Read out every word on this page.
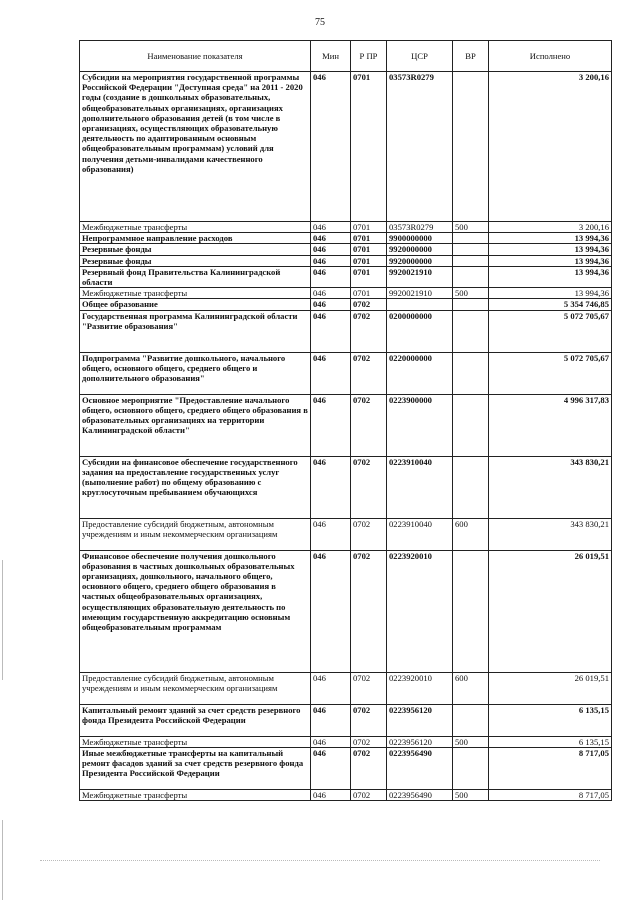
75
Наименование показателя	Мин	Р ПР	ЦСР	ВР	Исполнено
Субсидии на мероприятия государственной программы Российской Федерации "Доступная среда" на 2011 - 2020 годы (создание в дошкольных образовательных, общеобразовательных организациях, организациях дополнительного образования детей (в том числе в организациях, осуществляющих образовательную деятельность по адаптированным основным общеобразовательным программам) условий для получения детьми-инвалидами качественного образования)	046	0701	03573R0279		3 200,16
Межбюджетные трансферты	046	0701	03573R0279	500	3 200,16
Непрограммное направление расходов	046	0701	9900000000		13 994,36
Резервные фонды	046	0701	9920000000		13 994,36
Резервные фонды	046	0701	9920000000		13 994,36
Резервный фонд Правительства Калининградской области	046	0701	9920021910		13 994,36
Межбюджетные трансферты	046	0701	9920021910	500	13 994,36
Общее образование	046	0702			5 354 746,85
Государственная программа Калининградской области "Развитие образования"	046	0702	0200000000		5 072 705,67
Подпрограмма "Развитие дошкольного, начального общего, основного общего, среднего общего и дополнительного образования"	046	0702	0220000000		5 072 705,67
Основное мероприятие "Предоставление начального общего, основного общего, среднего общего образования в образовательных организациях на территории Калининградской области"	046	0702	0223900000		4 996 317,83
Субсидии на финансовое обеспечение государственного задания на предоставление государственных услуг (выполнение работ) по общему образованию с круглосуточным пребыванием обучающихся	046	0702	0223910040		343 830,21
Предоставление субсидий бюджетным, автономным учреждениям и иным некоммерческим организациям	046	0702	0223910040	600	343 830,21
Финансовое обеспечение получения дошкольного образования в частных дошкольных образовательных организациях, дошкольного, начального общего, основного общего, среднего общего образования в частных общеобразовательных организациях, осуществляющих образовательную деятельность по имеющим государственную аккредитацию основным общеобразовательным программам	046	0702	0223920010		26 019,51
Предоставление субсидий бюджетным, автономным учреждениям и иным некоммерческим организациям	046	0702	0223920010	600	26 019,51
Капитальный ремонт зданий за счет средств резервного фонда Президента Российской Федерации	046	0702	0223956120		6 135,15
Межбюджетные трансферты	046	0702	0223956120	500	6 135,15
Иные межбюджетные трансферты на капитальный ремонт фасадов зданий за счет средств резервного фонда Президента Российской Федерации	046	0702	0223956490		8 717,05
Межбюджетные трансферты	046	0702	0223956490	500	8 717,05
